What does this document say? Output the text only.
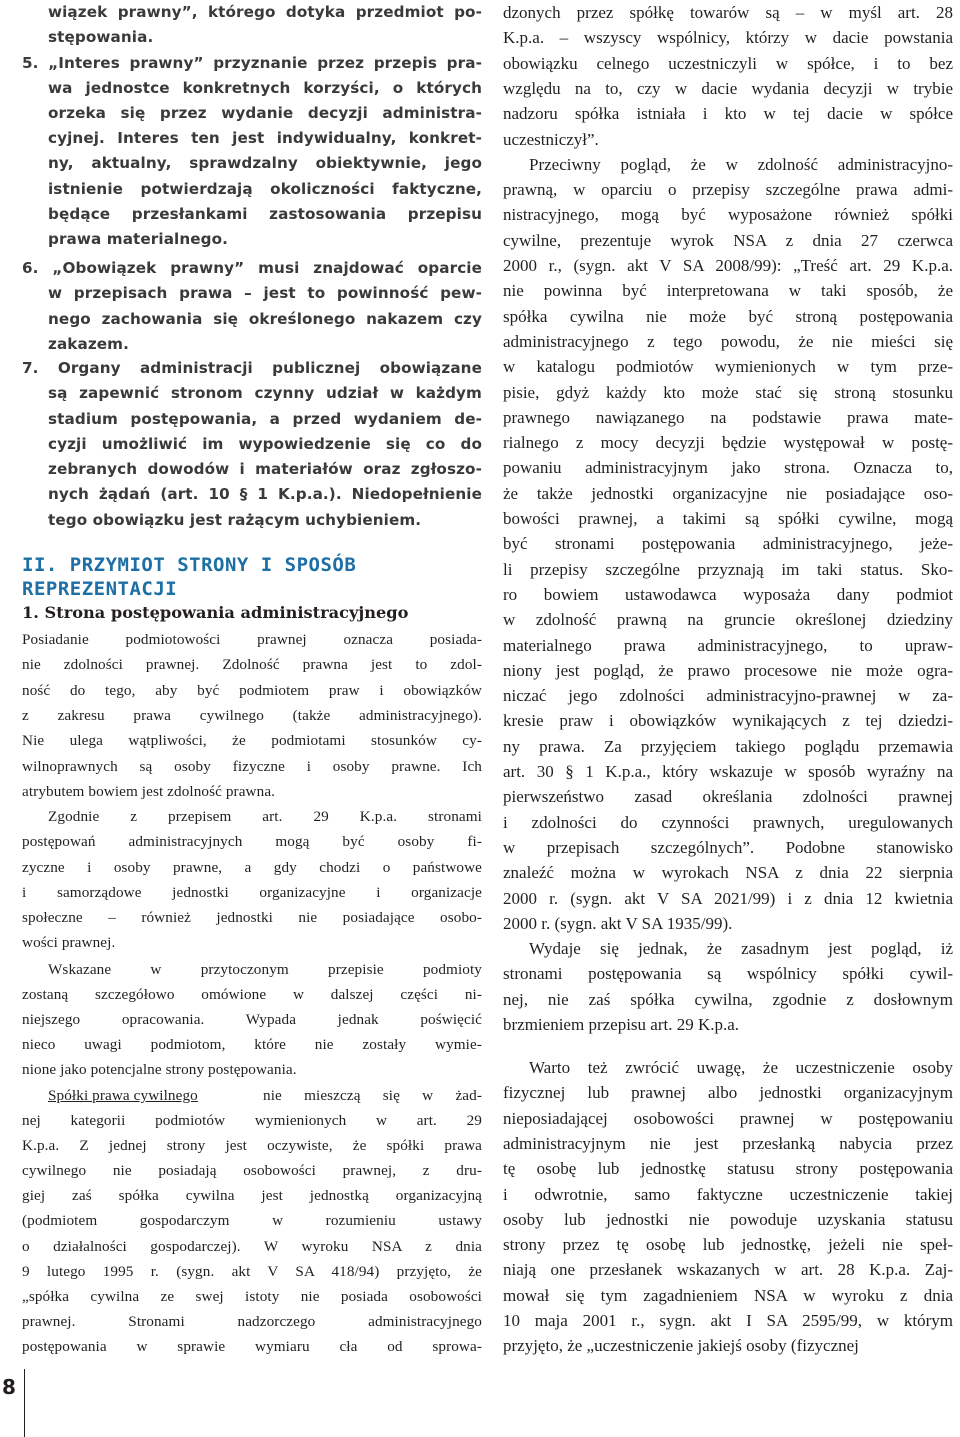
wiązek prawny”, którego dotyka przedmiot po-
stępowania.
5. „Interes prawny” przyznanie przez przepis pra-
wa jednostce konkretnych korzyści, o których
orzeka się przez wydanie decyzji administra-
cyjnej. Interes ten jest indywidualny, konkret-
ny, aktualny, sprawdzalny obiektywnie, jego
istnienie potwierdzają okoliczności faktyczne,
będące przesłankami zastosowania przepisu
prawa materialnego.
6. „Obowiązek prawny” musi znajdować oparcie
w przepisach prawa – jest to powinność pew-
nego zachowania się określonego nakazem czy
zakazem.
7. Organy administracji publicznej obowiązane
są zapewnić stronom czynny udział w każdym
stadium postępowania, a przed wydaniem de-
cyzji umożliwić im wypowiedzenie się co do
zebranych dowodów i materiałów oraz zgłoszo-
nych żądań (art. 10 § 1 K.p.a.). Niedopełnienie
tego obowiązku jest rażącym uchybieniem.
II. PRZYMIOT STRONY I SPOSÓB
REPREZENTACJI
1. Strona postępowania administracyjnego
Posiadanie podmiotowości prawnej oznacza posiada-
nie zdolności prawnej. Zdolność prawna jest to zdol-
ność do tego, aby być podmiotem praw i obowiązków
z zakresu prawa cywilnego (także administracyjnego).
Nie ulega wątpliwości, że podmiotami stosunków cy-
wilnoprawnych są osoby fizyczne i osoby prawne. Ich
atrybutem bowiem jest zdolność prawna.
Zgodnie z przepisem art. 29 K.p.a. stronami
postępowań administracyjnych mogą być osoby fi-
zyczne i osoby prawne, a gdy chodzi o państwowe
i samorządowe jednostki organizacyjne i organizacje
społeczne – również jednostki nie posiadające osobo-
wości prawnej.
Wskazane w przytoczonym przepisie podmioty
zostaną szczegółowo omówione w dalszej części ni-
niejszego opracowania. Wypada jednak poświęcić
nieco uwagi podmiotom, które nie zostały wymie-
nione jako potencjalne strony postępowania.
Spółki prawa cywilnego	nie mieszczą się w żad-
nej kategorii podmiotów wymienionych w art. 29
K.p.a. Z jednej strony jest oczywiste, że spółki prawa
cywilnego nie posiadają osobowości prawnej, z dru-
giej zaś spółka cywilna jest jednostką organizacyjną
(podmiotem gospodarczym w rozumieniu ustawy
o działalności gospodarczej). W wyroku NSA z dnia
9 lutego 1995 r. (sygn. akt V SA 418/94) przyjęto, że
„spółka cywilna ze swej istoty nie posiada osobowości
prawnej. Stronami nadzorczego administracyjnego
postępowania w sprawie wymiaru cła od sprowa-
dzonych przez spółkę towarów są – w myśl art. 28
K.p.a. – wszyscy wspólnicy, którzy w dacie powstania
obowiązku celnego uczestniczyli w spółce, i to bez
względu na to, czy w dacie wydania decyzji w trybie
nadzoru spółka istniała i kto w tej dacie w spółce
uczestniczył”.
Przeciwny pogląd, że w zdolność administracyjno-
prawną, w oparciu o przepisy szczególne prawa admi-
nistracyjnego, mogą być wyposażone również spółki
cywilne, prezentuje wyrok NSA z dnia 27 czerwca
2000 r., (sygn. akt V SA 2008/99): „Treść art. 29 K.p.a.
nie powinna być interpretowana w taki sposób, że
spółka cywilna nie może być stroną postępowania
administracyjnego z tego powodu, że nie mieści się
w katalogu podmiotów wymienionych w tym prze-
pisie, gdyż każdy kto może stać się stroną stosunku
prawnego nawiązanego na podstawie prawa mate-
rialnego z mocy decyzji będzie występował w postę-
powaniu administracyjnym jako strona. Oznacza to,
że także jednostki organizacyjne nie posiadające oso-
bowości prawnej, a takimi są spółki cywilne, mogą
być stronami postępowania administracyjnego, jeże-
li przepisy szczególne przyznają im taki status. Sko-
ro bowiem ustawodawca wyposaża dany podmiot
w zdolność prawną na gruncie określonej dziedziny
materialnego prawa administracyjnego, to upraw-
niony jest pogląd, że prawo procesowe nie może ogra-
niczać jego zdolności administracyjno-prawnej w za-
kresie praw i obowiązków wynikających z tej dziedzi-
ny prawa. Za przyjęciem takiego poglądu przemawia
art. 30 § 1 K.p.a., który wskazuje w sposób wyraźny na
pierwszeństwo zasad określania zdolności prawnej
i zdolności do czynności prawnych, uregulowanych
w przepisach szczególnych”. Podobne stanowisko
znaleźć można w wyrokach NSA z dnia 22 sierpnia
2000 r. (sygn. akt V SA 2021/99) i z dnia 12 kwietnia
2000 r. (sygn. akt V SA 1935/99).
Wydaje się jednak, że zasadnym jest pogląd, iż
stronami postępowania są wspólnicy spółki cywil-
nej, nie zaś spółka cywilna, zgodnie z dosłownym
brzmieniem przepisu art. 29 K.p.a.
Warto też zwrócić uwagę, że uczestniczenie osoby
fizycznej lub prawnej albo jednostki organizacyjnym
nieposiadającej osobowości prawnej w postępowaniu
administracyjnym nie jest przesłanką nabycia przez
tę osobę lub jednostkę statusu strony postępowania
i odwrotnie, samo faktyczne uczestniczenie takiej
osoby lub jednostki nie powoduje uzyskania statusu
strony przez tę osobę lub jednostkę, jeżeli nie speł-
niają one przesłanek wskazanych w art. 28 K.p.a. Zaj-
mował się tym zagadnieniem NSA w wyroku z dnia
10 maja 2001 r., sygn. akt I SA 2595/99, w którym
przyjęto, że „uczestniczenie jakiejś osoby (fizycznej
8
